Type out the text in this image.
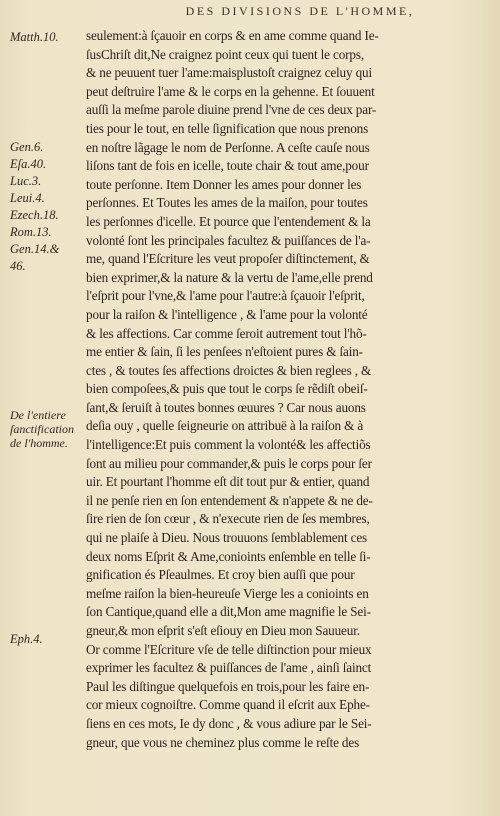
DES DIVISIONS DE L'HOMME,
Matth.10.
Gen.6.
Eſa.40.
Luc.3.
Leui.4.
Ezech.18.
Rom.13.
Gen.14.&
46.
De l'entiere
ſanctification
de l'homme.
Eph.4.
seulement:à ſçauoir en corps & en ame comme quand Ie-
ſusChriſt dit,Ne craignez point ceux qui tuent le corps,
& ne peuuent tuer l'ame:maisplustoſt craignez celuy qui
peut deſtruire l'ame & le corps en la gehenne. Et ſouuent
auſſi la meſme parole diuine prend l'vne de ces deux par-
ties pour le tout, en telle ſignification que nous prenons
en noſtre lãgage le nom de Perſonne. A ceſte cauſe nous
liſons tant de fois en icelle, toute chair & tout ame,pour
toute perſonne. Item Donner les ames pour donner les
perſonnes. Et Toutes les ames de la maiſon, pour toutes
les perſonnes d'icelle. Et pource que l'entendement & la
volonté ſont les principales facultez & puiſſances de l'a-
me, quand l'Eſcriture les veut propoſer diſtinctement, &
bien exprimer,& la nature & la vertu de l'ame,elle prend
l'eſprit pour l'vne,& l'ame pour l'autre:à ſçauoir l'eſprit,
pour la raiſon & l'intelligence , & l'ame pour la volonté
& les affections. Car comme ſeroit autrement tout l'hõ-
me entier & ſain, ſi les penſees n'eſtoient pures & ſain-
ctes , & toutes ſes affections droictes & bien reglees , &
bien compoſees,& puis que tout le corps ſe rẽdiſt obeiſ-
ſant,& ſeruiſt à toutes bonnes œuures ? Car nous auons
deſia ouy , quelle ſeigneurie on attribuë à la raiſon & à
l'intelligence:Et puis comment la volonté& les affectiõs
ſont au milieu pour commander,& puis le corps pour ſer
uir. Et pourtant l'homme eſt dit tout pur & entier, quand
il ne penſe rien en ſon entendement & n'appete & ne de-
ſire rien de ſon cœur , & n'execute rien de ſes membres,
qui ne plaiſe à Dieu. Nous trouuons ſemblablement ces
deux noms Eſprit & Ame,conioints enſemble en telle ſi-
gnification és Pſeaulmes. Et croy bien auſſi que pour
meſme raiſon la bien-heureuſe Vierge les a conioints en
ſon Cantique,quand elle a dit,Mon ame magnifie le Sei-
gneur,& mon eſprit s'eſt eſiouy en Dieu mon Sauueur.
Or comme l'Eſcriture vſe de telle diſtinction pour mieux
exprimer les facultez & puiſſances de l'ame , ainſi ſainct
Paul les diſtingue quelquefois en trois,pour les faire en-
cor mieux cognoiſtre. Comme quand il eſcrit aux Ephe-
ſiens en ces mots, Ie dy donc , & vous adiure par le Sei-
gneur, que vous ne cheminez plus comme le reſte des
